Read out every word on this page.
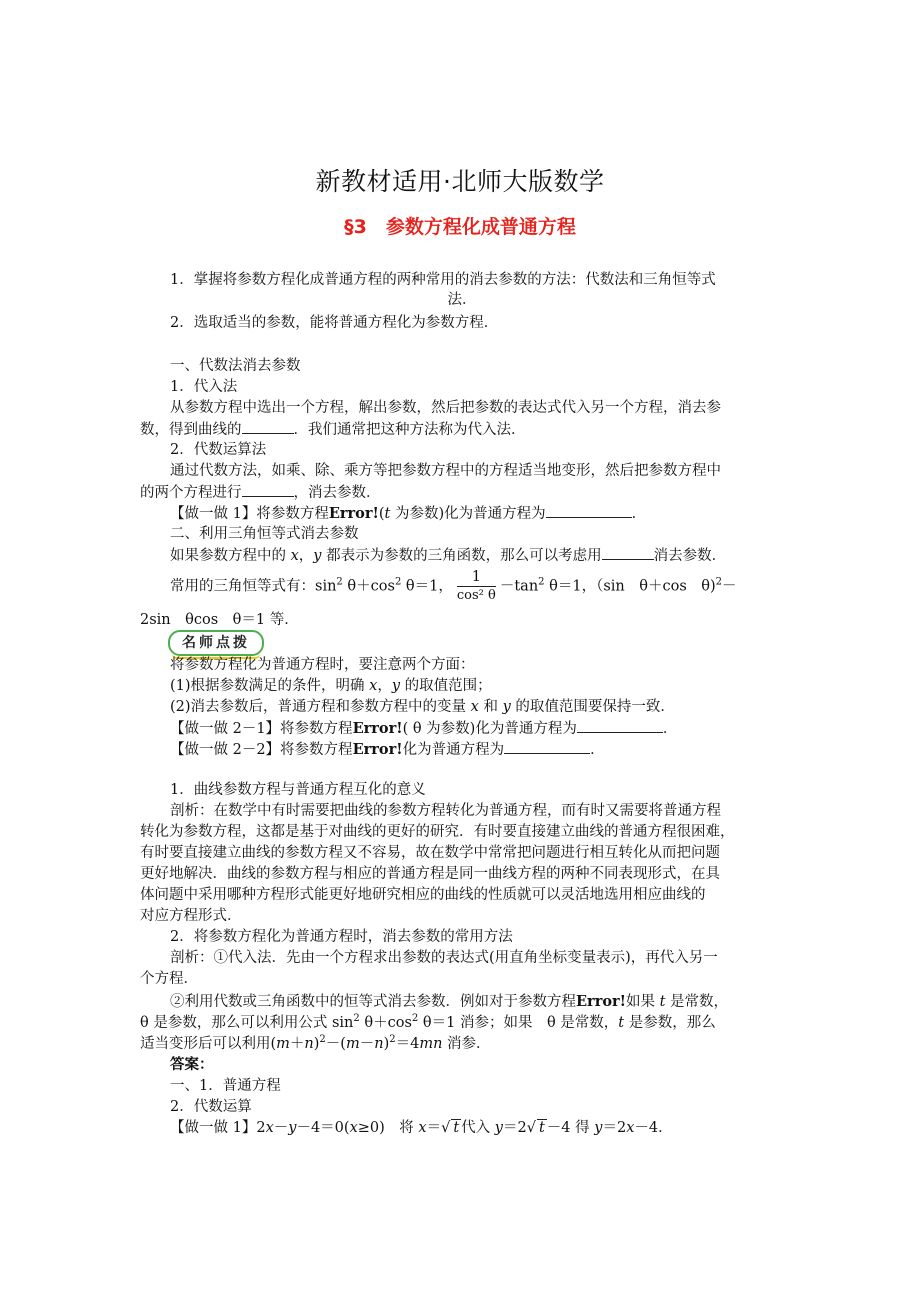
新教材适用·北师大版数学
§3　参数方程化成普通方程
1．掌握将参数方程化成普通方程的两种常用的消去参数的方法：代数法和三角恒等式
法．
2．选取适当的参数，能将普通方程化为参数方程．
一、代数法消去参数
1．代入法
从参数方程中选出一个方程，解出参数，然后把参数的表达式代入另一个方程，消去参
数，得到曲线的	．我们通常把这种方法称为代入法．
2．代数运算法
通过代数方法，如乘、除、乘方等把参数方程中的方程适当地变形，然后把参数方程中
的两个方程进行	，消去参数．
【做一做 1】将参数方程Error!(t 为参数)化为普通方程为	．
二、利用三角恒等式消去参数
如果参数方程中的 x，y 都表示为参数的三角函数，那么可以考虑用	消去参数．
常用的三角恒等式有：$\sin^2 \theta+\cos^2$ θ＝1， $\frac{1}{\text{cos² θ}} -\tan^2$ θ＝1，（sin　θ＋cos　θ)$^2$－
2sin　θcos　θ＝1 等．
名师点拨
将参数方程化为普通方程时，要注意两个方面：
(1)根据参数满足的条件，明确 x，y 的取值范围；
(2)消去参数后，普通方程和参数方程中的变量 x 和 y 的取值范围要保持一致．
【做一做 2－1】将参数方程Error!( θ 为参数)化为普通方程为	．
【做一做 2－2】将参数方程Error!化为普通方程为	．
1．曲线参数方程与普通方程互化的意义
剖析：在数学中有时需要把曲线的参数方程转化为普通方程，而有时又需要将普通方程
转化为参数方程，这都是基于对曲线的更好的研究．有时要直接建立曲线的普通方程很困难，
有时要直接建立曲线的参数方程又不容易，故在数学中常常把问题进行相互转化从而把问题
更好地解决．曲线的参数方程与相应的普通方程是同一曲线方程的两种不同表现形式，在具
体问题中采用哪种方程形式能更好地研究相应的曲线的性质就可以灵活地选用相应曲线的
对应方程形式．
2．将参数方程化为普通方程时，消去参数的常用方法
剖析：①代入法．先由一个方程求出参数的表达式(用直角坐标变量表示)，再代入另一
个方程．
②利用代数或三角函数中的恒等式消去参数．例如对于参数方程Error!如果 t 是常数，
θ 是参数，那么可以利用公式 $\sin^2 \theta+\cos^2$ θ＝1 消参；如果　θ 是常数，t 是参数，那么
适当变形后可以利用$(m+n)^2-(m-n)^2=4mn$ 消参．
答案：
一、1．普通方程
2．代数运算
【做一做 1】2x－y－4＝0(x≥0)　将 x＝√ t 代入 y＝2√ t －4 得 y＝2x－4．
